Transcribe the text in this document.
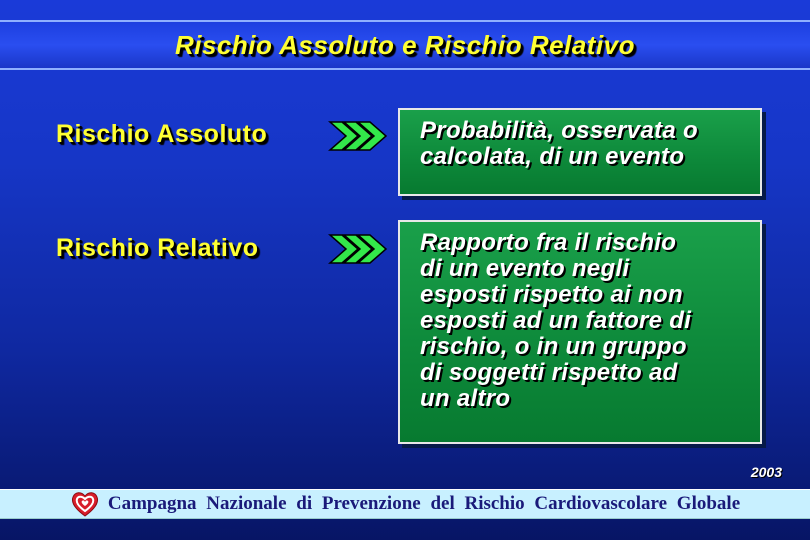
Rischio Assoluto e Rischio Relativo
Rischio Assoluto	Probabilità, osservata o
calcolata, di un evento
Rischio Relativo	Rapporto fra il rischio
di un evento negli
esposti rispetto ai non
esposti ad un fattore di
rischio, o in un gruppo
di soggetti rispetto ad
un altro
2003
Campagna Nazionale di Prevenzione del Rischio Cardiovascolare Globale
